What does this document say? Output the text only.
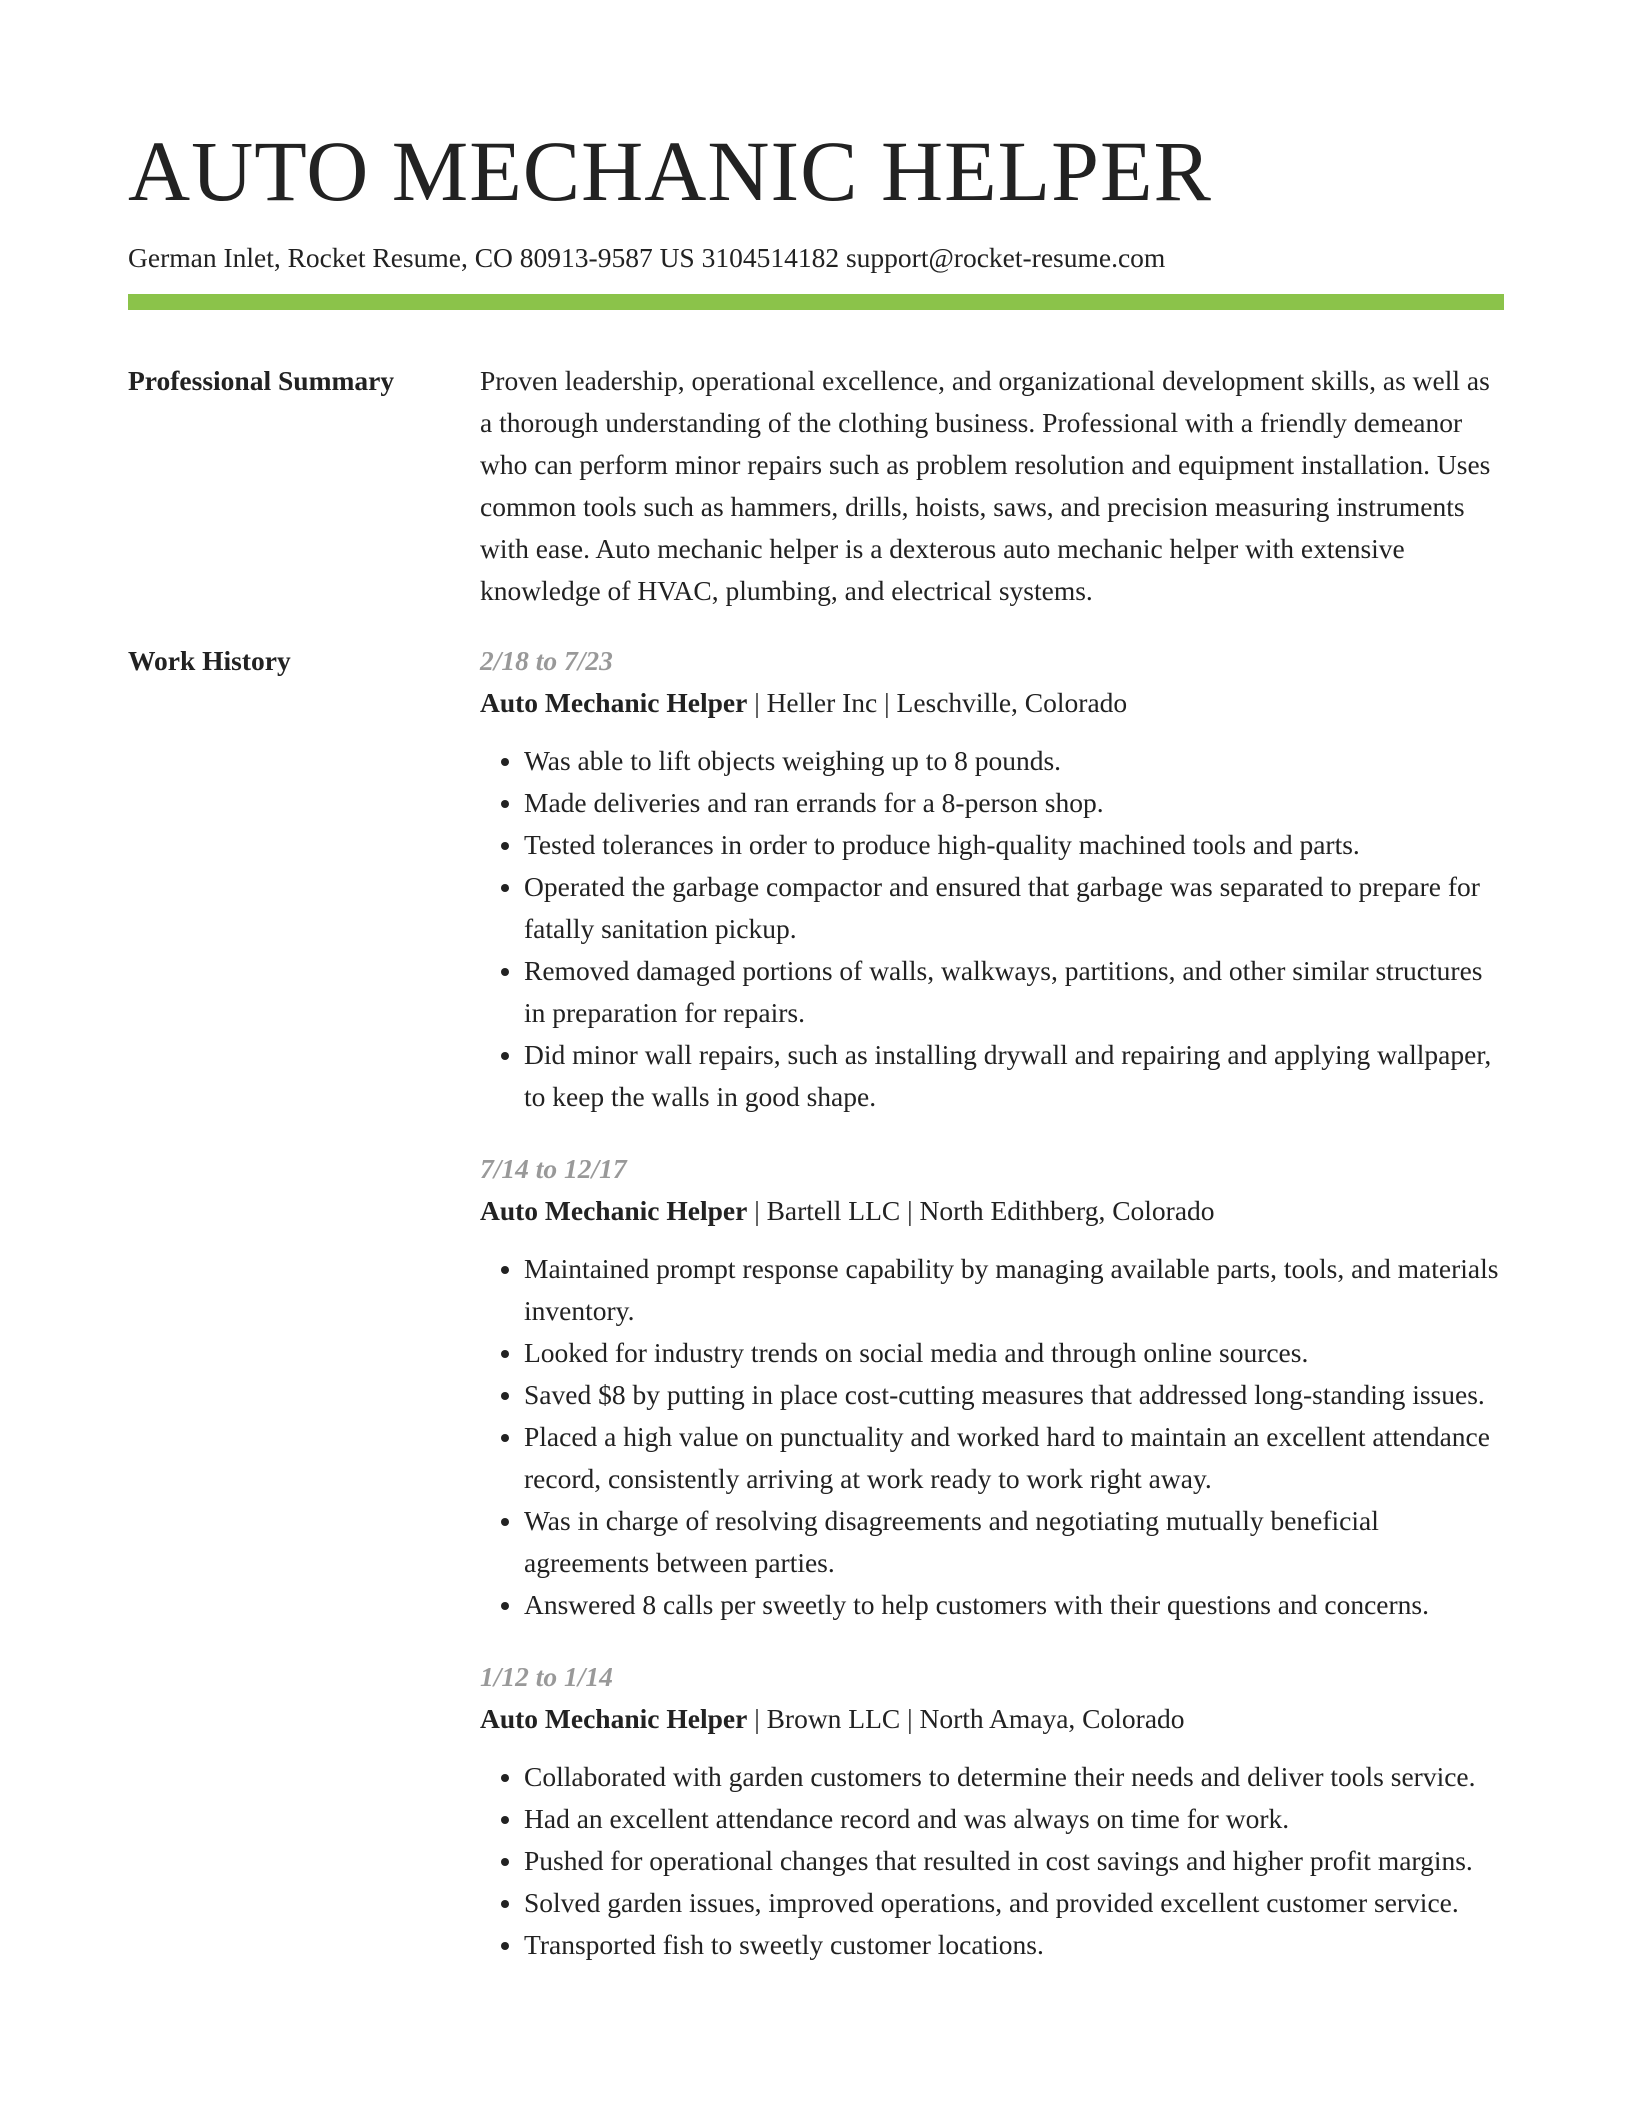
AUTO MECHANIC HELPER
German Inlet, Rocket Resume, CO 80913-9587 US 3104514182 support@rocket-resume.com
Professional Summary	Proven leadership, operational excellence, and organizational development skills, as well as a thorough understanding of the clothing business. Professional with a friendly demeanor who can perform minor repairs such as problem resolution and equipment installation. Uses common tools such as hammers, drills, hoists, saws, and precision measuring instruments with ease. Auto mechanic helper is a dexterous auto mechanic helper with extensive knowledge of HVAC, plumbing, and electrical systems.

Work History	2/18 to 7/23
Auto Mechanic Helper | Heller Inc | Leschville, Colorado
• Was able to lift objects weighing up to 8 pounds.
• Made deliveries and ran errands for a 8-person shop.
• Tested tolerances in order to produce high-quality machined tools and parts.
• Operated the garbage compactor and ensured that garbage was separated to prepare for fatally sanitation pickup.
• Removed damaged portions of walls, walkways, partitions, and other similar structures in preparation for repairs.
• Did minor wall repairs, such as installing drywall and repairing and applying wallpaper, to keep the walls in good shape.
7/14 to 12/17
Auto Mechanic Helper | Bartell LLC | North Edithberg, Colorado
• Maintained prompt response capability by managing available parts, tools, and materials inventory.
• Looked for industry trends on social media and through online sources.
• Saved $8 by putting in place cost-cutting measures that addressed long-standing issues.
• Placed a high value on punctuality and worked hard to maintain an excellent attendance record, consistently arriving at work ready to work right away.
• Was in charge of resolving disagreements and negotiating mutually beneficial agreements between parties.
• Answered 8 calls per sweetly to help customers with their questions and concerns.
1/12 to 1/14
Auto Mechanic Helper | Brown LLC | North Amaya, Colorado
• Collaborated with garden customers to determine their needs and deliver tools service.
• Had an excellent attendance record and was always on time for work.
• Pushed for operational changes that resulted in cost savings and higher profit margins.
• Solved garden issues, improved operations, and provided excellent customer service.
• Transported fish to sweetly customer locations.
